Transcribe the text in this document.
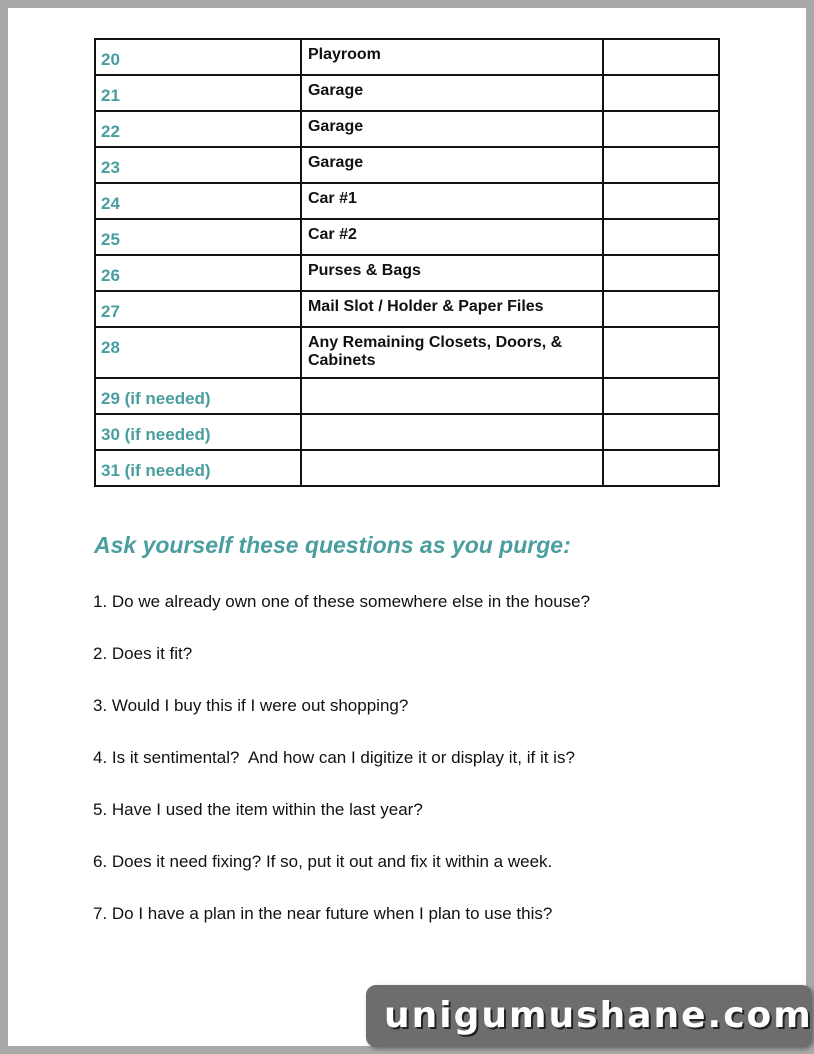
20	Playroom	
21	Garage	
22	Garage	
23	Garage	
24	Car #1	
25	Car #2	
26	Purses & Bags	
27	Mail Slot / Holder & Paper Files	
28	Any Remaining Closets, Doors, & Cabinets	
29 (if needed)		
30 (if needed)		
31 (if needed)		
Ask yourself these questions as you purge:
1. Do we already own one of these somewhere else in the house?
2. Does it fit?
3. Would I buy this if I were out shopping?
4. Is it sentimental?  And how can I digitize it or display it, if it is?
5. Have I used the item within the last year?
6. Does it need fixing? If so, put it out and fix it within a week.
7. Do I have a plan in the near future when I plan to use this?
unigumushane.com
